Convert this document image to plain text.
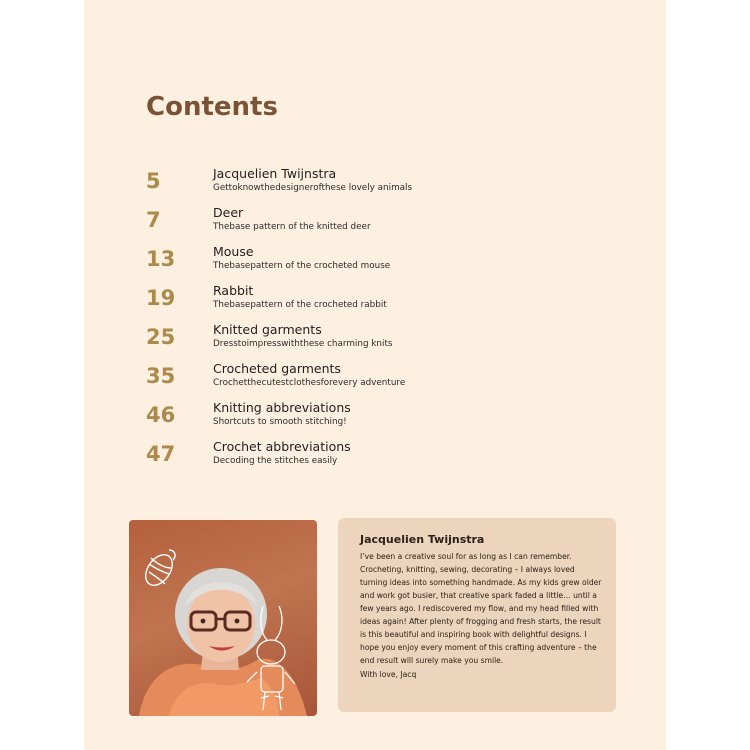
Contents
5	Jacquelien Twijnstra
Gettoknowthedesignerofthese lovely animals
7	Deer
Thebase pattern of the knitted deer
13	Mouse
Thebasepattern of the crocheted mouse
19	Rabbit
Thebasepattern of the crocheted rabbit
25	Knitted garments
Dresstoimpresswiththese charming knits
35	Crocheted garments
Crochetthecutestclothesforevery adventure
46	Knitting abbreviations
Shortcuts to smooth stitching!
47	Crochet abbreviations
Decoding the stitches easily
Jacquelien Twijnstra
I’ve been a creative soul for as long as I can remember. Crocheting, knitting, sewing, decorating – I always loved turning ideas into something handmade. As my kids grew older and work got busier, that creative spark faded a little… until a few years ago. I rediscovered my flow, and my head filled with ideas again! After plenty of frogging and fresh starts, the result is this beautiful and inspiring book with delightful designs. I hope you enjoy every moment of this crafting adventure – the end result will surely make you smile.
With love, Jacq
